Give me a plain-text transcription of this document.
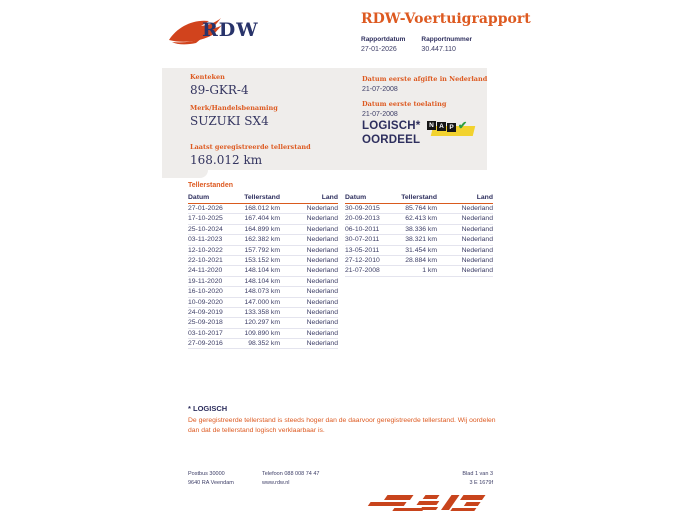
RDW	RDW-Voertuigrapport
Rapportdatum
27-01-2026
Rapportnummer
30.447.110
Kenteken
89-GKR-4
Merk/Handelsbenaming
SUZUKI SX4
Laatst geregistreerde tellerstand
168.012 km
Datum eerste afgifte in Nederland
21-07-2008
Datum eerste toelating
21-07-2008
LOGISCH*
OORDEEL
N A P ✔
Tellerstanden
Datum	Tellerstand	Land
27-01-2026	168.012 km	Nederland
17-10-2025	167.404 km	Nederland
25-10-2024	164.899 km	Nederland
03-11-2023	162.382 km	Nederland
12-10-2022	157.792 km	Nederland
22-10-2021	153.152 km	Nederland
24-11-2020	148.104 km	Nederland
19-11-2020	148.104 km	Nederland
16-10-2020	148.073 km	Nederland
10-09-2020	147.000 km	Nederland
24-09-2019	133.358 km	Nederland
25-09-2018	120.297 km	Nederland
03-10-2017	109.890 km	Nederland
27-09-2016	98.352 km	Nederland
Datum	Tellerstand	Land
30-09-2015	85.764 km	Nederland
20-09-2013	62.413 km	Nederland
06-10-2011	38.336 km	Nederland
30-07-2011	38.321 km	Nederland
13-05-2011	31.454 km	Nederland
27-12-2010	28.884 km	Nederland
21-07-2008	1 km	Nederland
* LOGISCH
De geregistreerde tellerstand is steeds hoger dan de daarvoor geregistreerde tellerstand. Wij oordelen dan dat de tellerstand logisch verklaarbaar is.
Postbus 30000
9640 RA Veendam
Telefoon 088 008 74 47
www.rdw.nl
Blad 1 van 3
3 E 1679f
